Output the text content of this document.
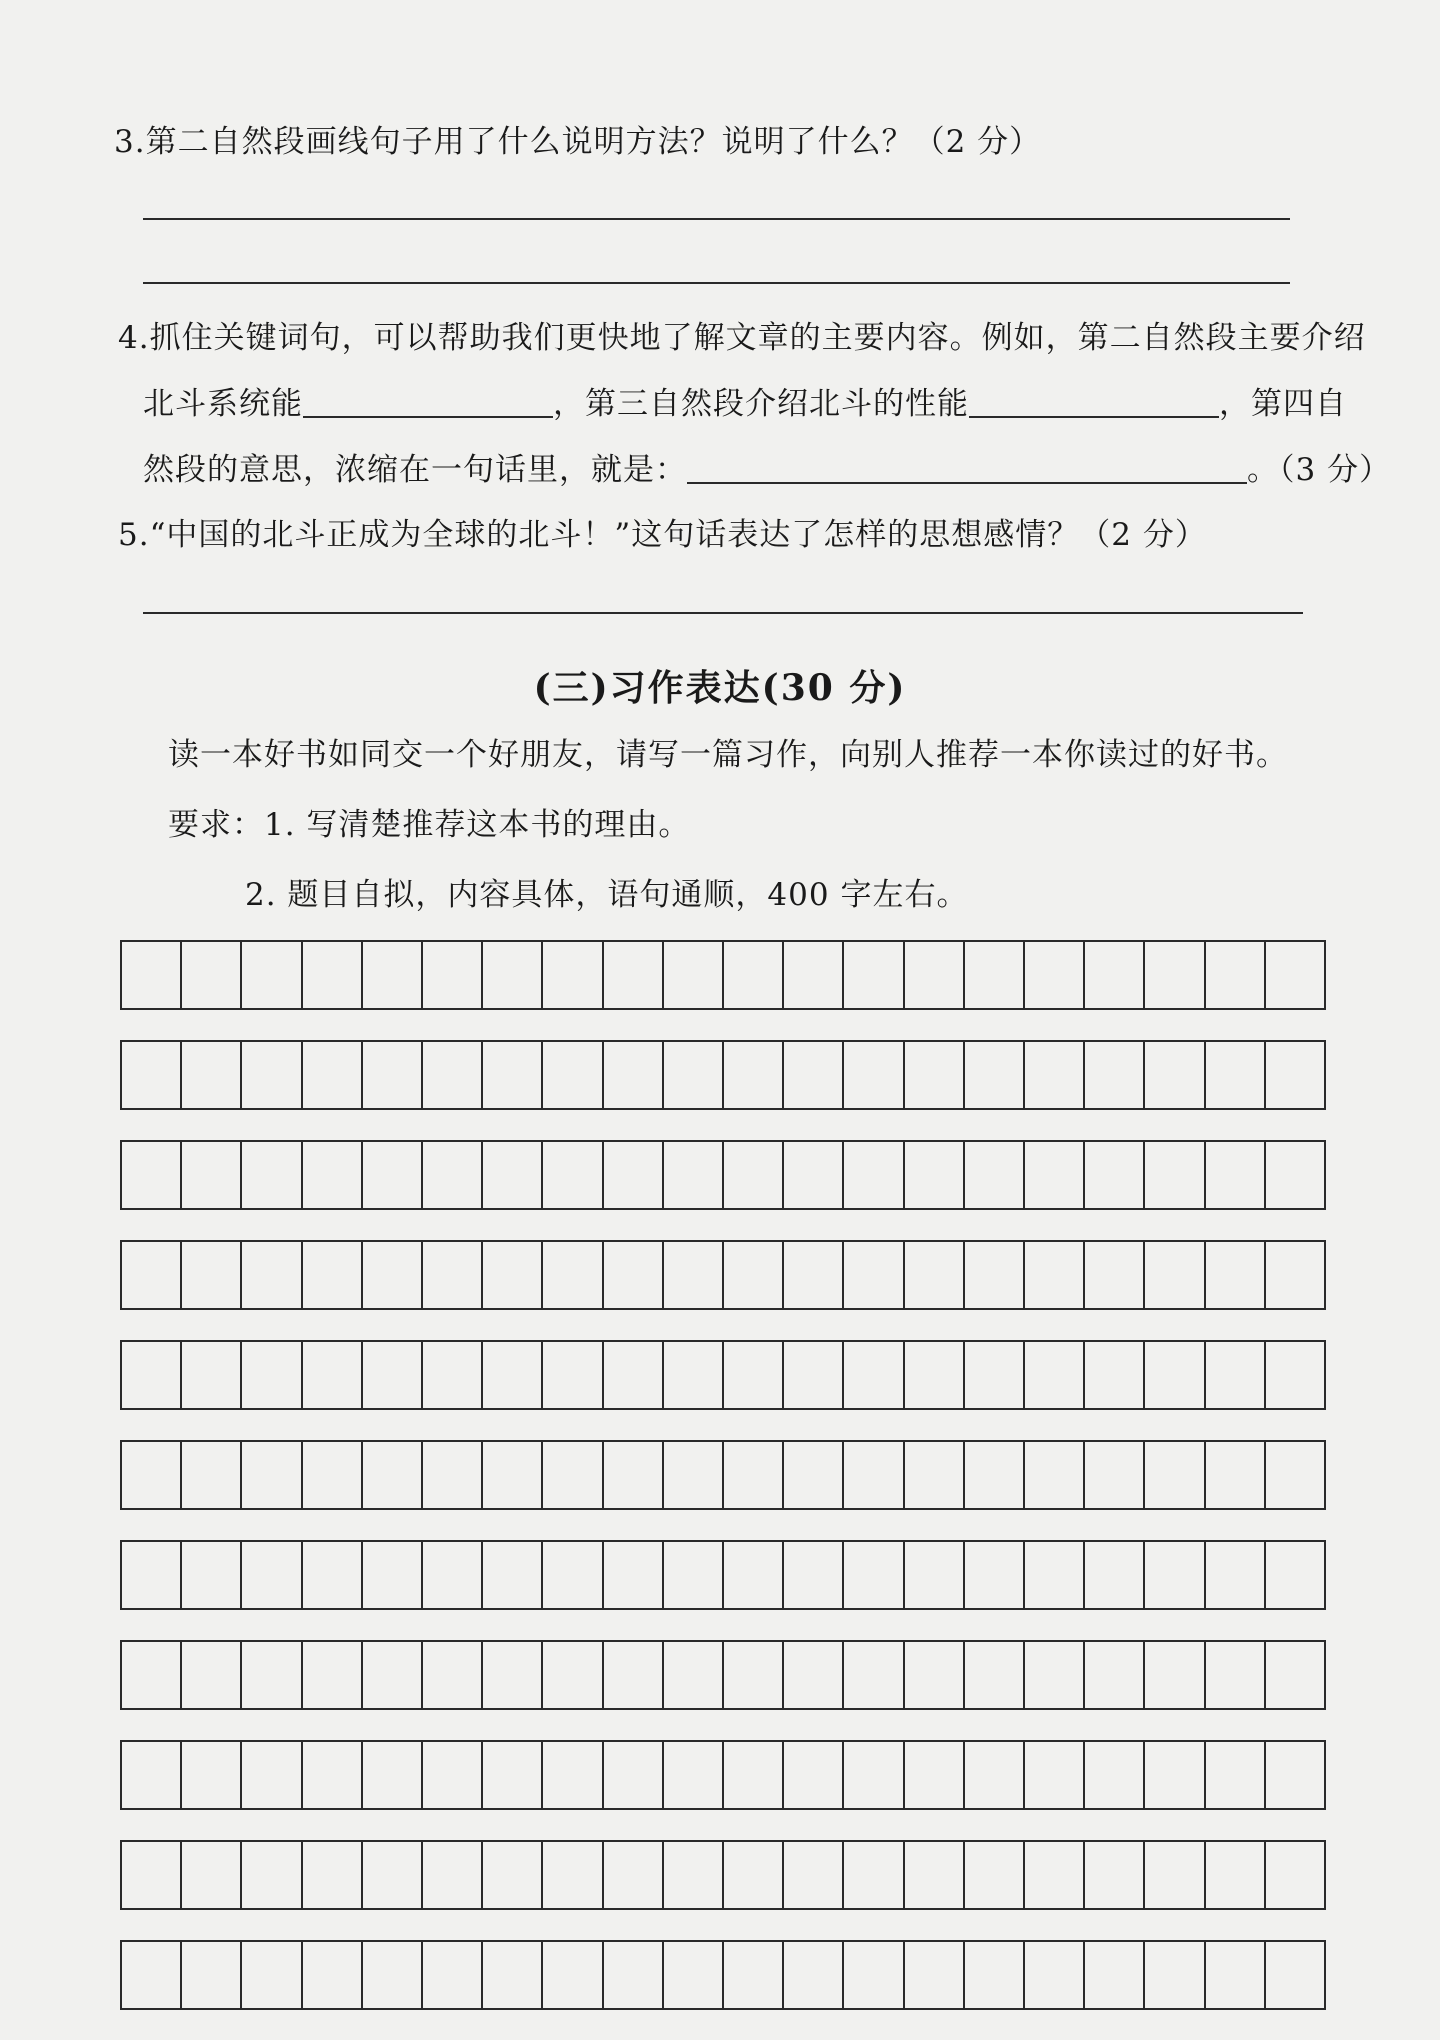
3.第二自然段画线句子用了什么说明方法？说明了什么？（2 分）
4.抓住关键词句，可以帮助我们更快地了解文章的主要内容。例如，第二自然段主要介绍
北斗系统能	，第三自然段介绍北斗的性能	，第四自
然段的意思，浓缩在一句话里，就是：	。（3 分）
5.“中国的北斗正成为全球的北斗！”这句话表达了怎样的思想感情？（2 分）
(三)习作表达(30 分)
读一本好书如同交一个好朋友，请写一篇习作，向别人推荐一本你读过的好书。
要求：1. 写清楚推荐这本书的理由。
2. 题目自拟，内容具体，语句通顺，400 字左右。
